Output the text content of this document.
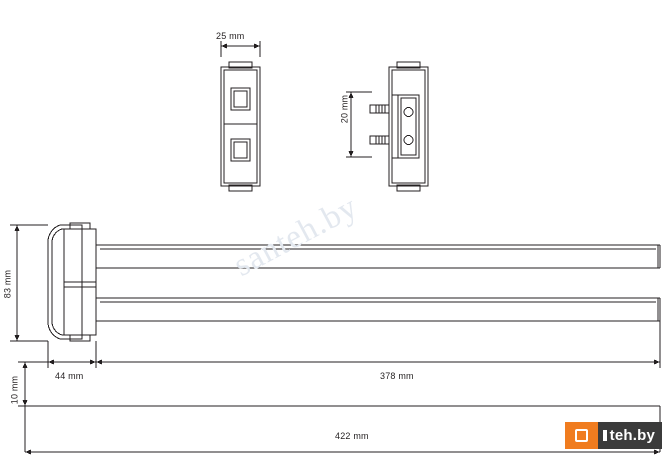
25 mm
20 mm
83 mm
44 mm	378 mm
10 mm
422 mm
santeh.by
teh.by
